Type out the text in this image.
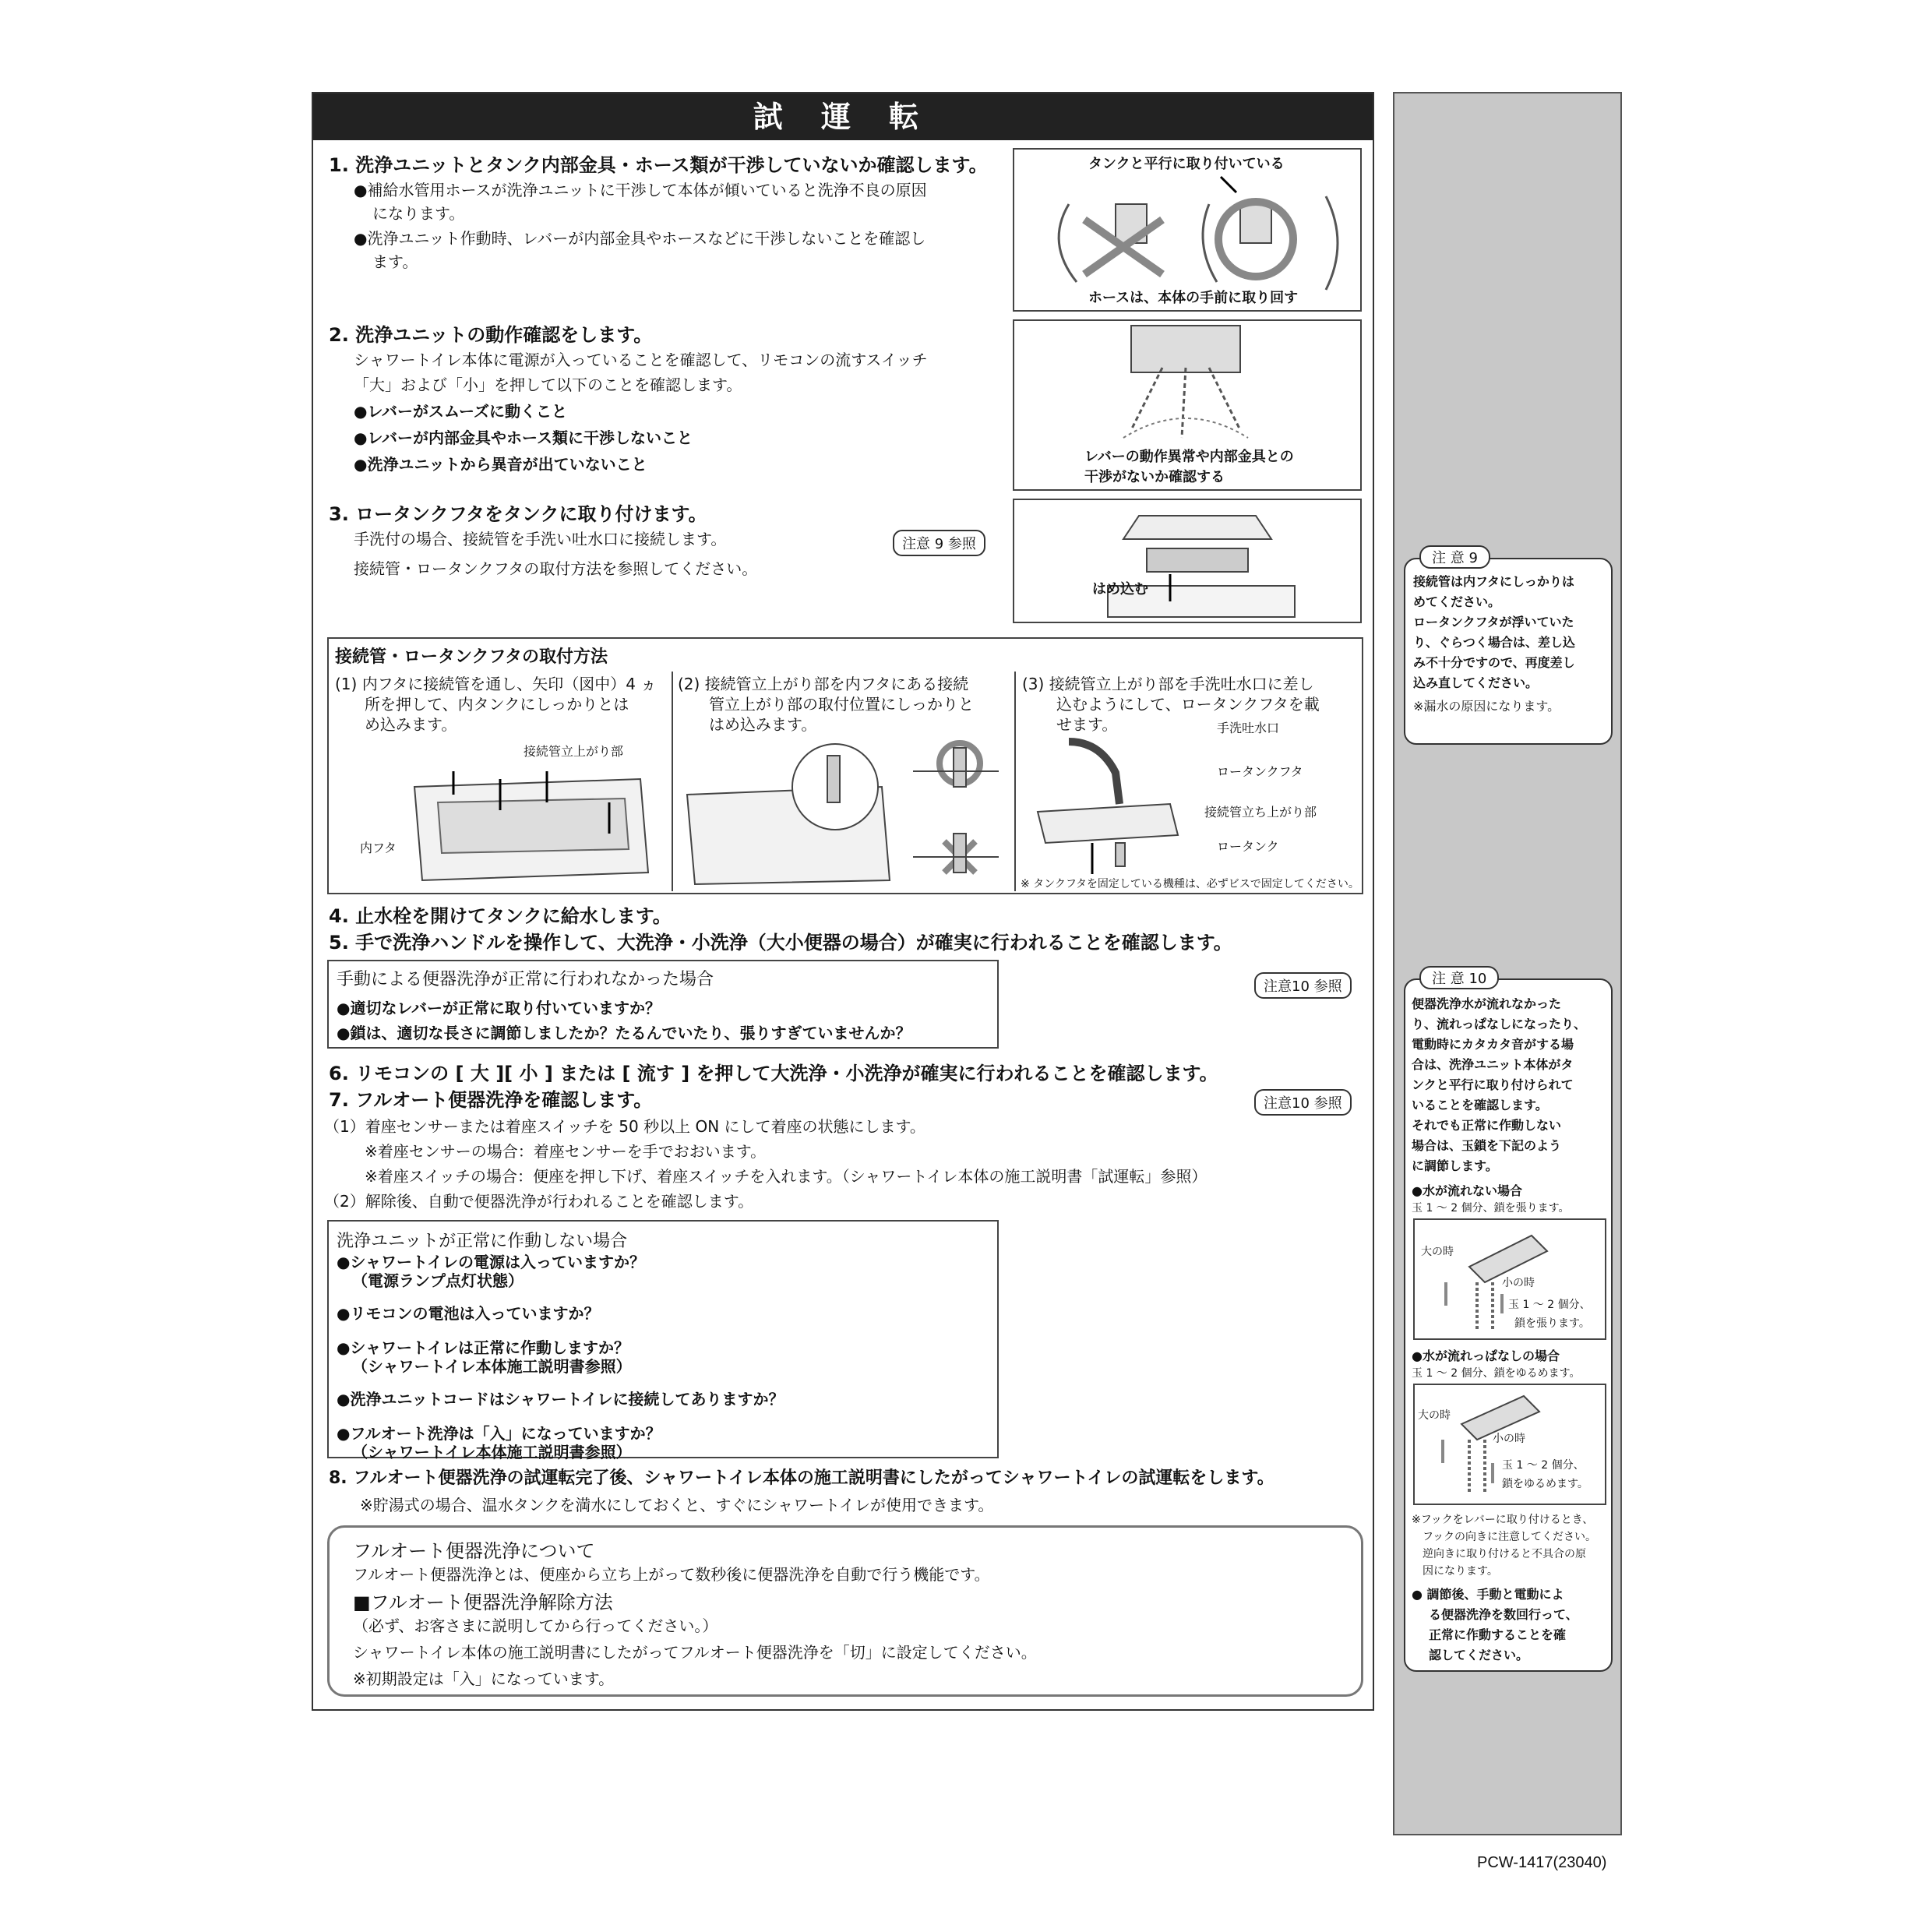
試 運 転
1. 洗浄ユニットとタンク内部金具・ホース類が干渉していないか確認します。
●補給水管用ホースが洗浄ユニットに干渉して本体が傾いていると洗浄不良の原因
になります。
●洗浄ユニット作動時、レバーが内部金具やホースなどに干渉しないことを確認し
ます。
タンクと平行に取り付いている
ホースは、本体の手前に取り回す
2. 洗浄ユニットの動作確認をします。
シャワートイレ本体に電源が入っていることを確認して、リモコンの流すスイッチ
「大」および「小」を押して以下のことを確認します。
●レバーがスムーズに動くこと
●レバーが内部金具やホース類に干渉しないこと
●洗浄ユニットから異音が出ていないこと	レバーの動作異常や内部金具との
干渉がないか確認する
3. ロータンクフタをタンクに取り付けます。
手洗付の場合、接続管を手洗い吐水口に接続します。
接続管・ロータンクフタの取付方法を参照してください。
注意 9 参照
はめ込む
接続管・ロータンクフタの取付方法
(1) 内フタに接続管を通し、矢印（図中）4 ヵ
所を押して、内タンクにしっかりとは
め込みます。
接続管立上がり部
内フタ
(2) 接続管立上がり部を内フタにある接続
管立上がり部の取付位置にしっかりと
はめ込みます。
(3) 接続管立上がり部を手洗吐水口に差し
込むようにして、ロータンクフタを載
せます。	手洗吐水口
ロータンクフタ
接続管立ち上がり部
ロータンク
※ タンクフタを固定している機種は、必ずビスで固定してください。
4. 止水栓を開けてタンクに給水します。
5. 手で洗浄ハンドルを操作して、大洗浄・小洗浄（大小便器の場合）が確実に行われることを確認します。
手動による便器洗浄が正常に行われなかった場合
●適切なレバーが正常に取り付いていますか？
●鎖は、適切な長さに調節しましたか？たるんでいたり、張りすぎていませんか？
注意10 参照
6. リモコンの [ 大 ][ 小 ] または [ 流す ] を押して大洗浄・小洗浄が確実に行われることを確認します。
7. フルオート便器洗浄を確認します。	注意10 参照
（1）着座センサーまたは着座スイッチを 50 秒以上 ON にして着座の状態にします。
※着座センサーの場合：着座センサーを手でおおいます。
※着座スイッチの場合：便座を押し下げ、着座スイッチを入れます。（シャワートイレ本体の施工説明書「試運転」参照）
（2）解除後、自動で便器洗浄が行われることを確認します。
洗浄ユニットが正常に作動しない場合
●シャワートイレの電源は入っていますか？
（電源ランプ点灯状態）
●リモコンの電池は入っていますか？
●シャワートイレは正常に作動しますか？
（シャワートイレ本体施工説明書参照）
●洗浄ユニットコードはシャワートイレに接続してありますか？
●フルオート洗浄は「入」になっていますか？
（シャワートイレ本体施工説明書参照）
8. フルオート便器洗浄の試運転完了後、シャワートイレ本体の施工説明書にしたがってシャワートイレの試運転をします。
※貯湯式の場合、温水タンクを満水にしておくと、すぐにシャワートイレが使用できます。
フルオート便器洗浄について
フルオート便器洗浄とは、便座から立ち上がって数秒後に便器洗浄を自動で行う機能です。
■フルオート便器洗浄解除方法
（必ず、お客さまに説明してから行ってください。）
シャワートイレ本体の施工説明書にしたがってフルオート便器洗浄を「切」に設定してください。
※初期設定は「入」になっています。
接続管は内フタにしっかりは
めてください。
ロータンクフタが浮いていた
り、ぐらつく場合は、差し込
み不十分ですので、再度差し
込み直してください。
※漏水の原因になります。
注 意 9
便器洗浄水が流れなかった
り、流れっぱなしになったり、
電動時にカタカタ音がする場
合は、洗浄ユニット本体がタ
ンクと平行に取り付けられて
いることを確認します。
それでも正常に作動しない
場合は、玉鎖を下記のよう
に調節します。
●水が流れない場合
玉 1 ～ 2 個分、鎖を張ります。
大の時
小の時
玉 1 ～ 2 個分、
鎖を張ります。
●水が流れっぱなしの場合
玉 1 ～ 2 個分、鎖をゆるめます。
大の時
小の時
玉 1 ～ 2 個分、
鎖をゆるめます。
※フックをレバーに取り付けるとき、
フックの向きに注意してください。
逆向きに取り付けると不具合の原
因になります。
● 調節後、手動と電動によ
る便器洗浄を数回行って、
正常に作動することを確
認してください。
注 意 10
PCW-1417(23040)
